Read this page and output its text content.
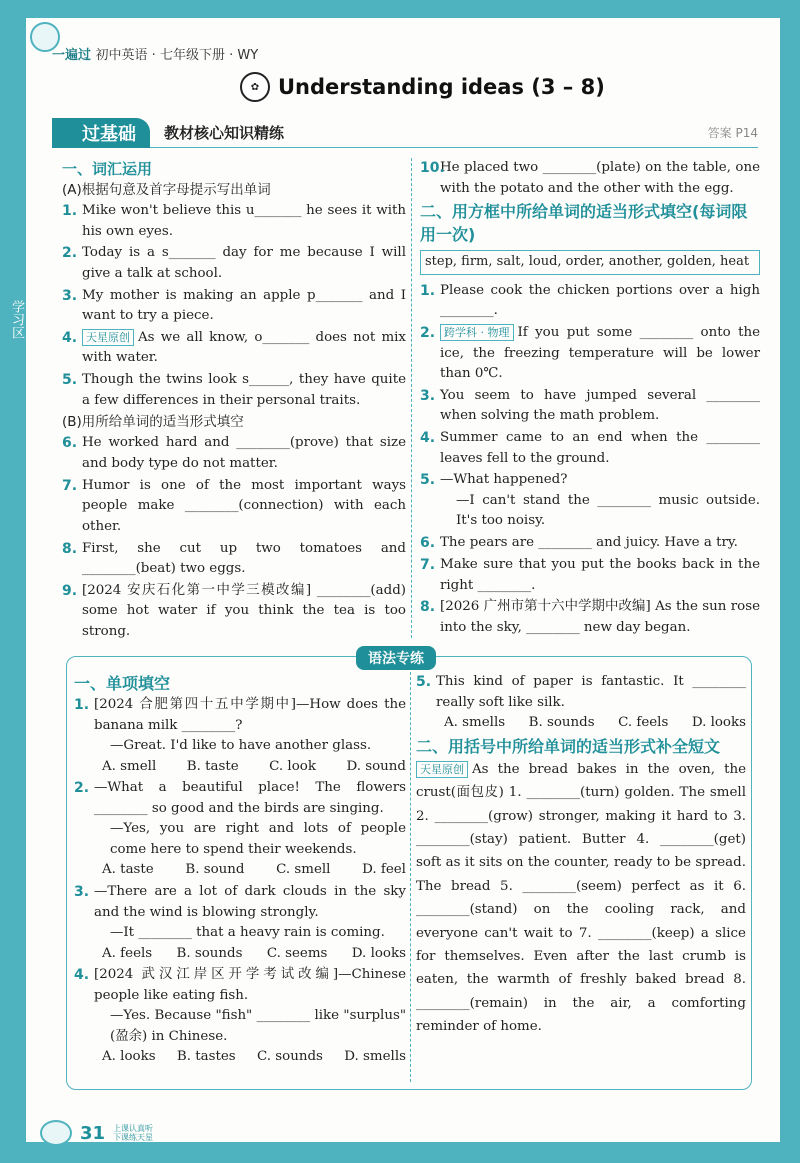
学习区
一遍过 初中英语 · 七年级下册 · WY
✿ Understanding ideas (3 – 8)
过基础	教材核心知识精练	答案 P14
一、词汇运用
(A)根据句意及首字母提示写出单词
1. Mike won't believe this u_______ he sees it with his own eyes.
2. Today is a s_______ day for me because I will give a talk at school.
3. My mother is making an apple p_______ and I want to try a piece.
4. 天星原创 As we all know, o_______ does not mix with water.
5. Though the twins look s______, they have quite a few differences in their personal traits.
(B)用所给单词的适当形式填空
6. He worked hard and ________(prove) that size and body type do not matter.
7. Humor is one of the most important ways people make ________(connection) with each other.
8. First, she cut up two tomatoes and ________(beat) two eggs.
9. [2024 安庆石化第一中学三模改编] ________(add) some hot water if you think the tea is too strong.
10.
He placed two ________(plate) on the table, one with the potato and the other with the egg.
二、用方框中所给单词的适当形式填空(每词限用一次)
step, firm, salt, loud, order, another, golden, heat
1. Please cook the chicken portions over a high ________.
2. 跨学科 · 物理 If you put some ________ onto the ice, the freezing temperature will be lower than 0℃.
3. You seem to have jumped several ________ when solving the math problem.
4. Summer came to an end when the ________ leaves fell to the ground.
5. —What happened?
—I can't stand the ________ music outside. It's too noisy.
6. The pears are ________ and juicy. Have a try.
7. Make sure that you put the books back in the right ________.
8. [2026 广州市第十六中学期中改编] As the sun rose into the sky, ________ new day began.
语法专练
一、单项填空
1. [2024 合肥第四十五中学期中]—How does the banana milk ________?
—Great. I'd like to have another glass.
A. smell B. taste C. look D. sound
2. —What a beautiful place! The flowers ________ so good and the birds are singing.
—Yes, you are right and lots of people come here to spend their weekends.
A. taste B. sound C. smell D. feel
3. —There are a lot of dark clouds in the sky and the wind is blowing strongly.
—It ________ that a heavy rain is coming.
A. feels B. sounds C. seems D. looks
4. [2024 武汉江岸区开学考试改编]—Chinese people like eating fish.
—Yes. Because "fish" ________ like "surplus"(盈余) in Chinese.
A. looks B. tastes C. sounds D. smells
5. This kind of paper is fantastic. It ________ really soft like silk.
A. smells B. sounds C. feels D. looks
二、用括号中所给单词的适当形式补全短文
天星原创 As the bread bakes in the oven, the crust(面包皮) 1. ________(turn) golden. The smell 2. ________(grow) stronger, making it hard to 3. ________(stay) patient. Butter 4. ________(get) soft as it sits on the counter, ready to be spread. The bread 5. ________(seem) perfect as it 6. ________(stand) on the cooling rack, and everyone can't wait to 7. ________(keep) a slice for themselves. Even after the last crumb is eaten, the warmth of freshly baked bread 8. ________(remain) in the air, a comforting reminder of home.
31 上课认真听
下课练天星
